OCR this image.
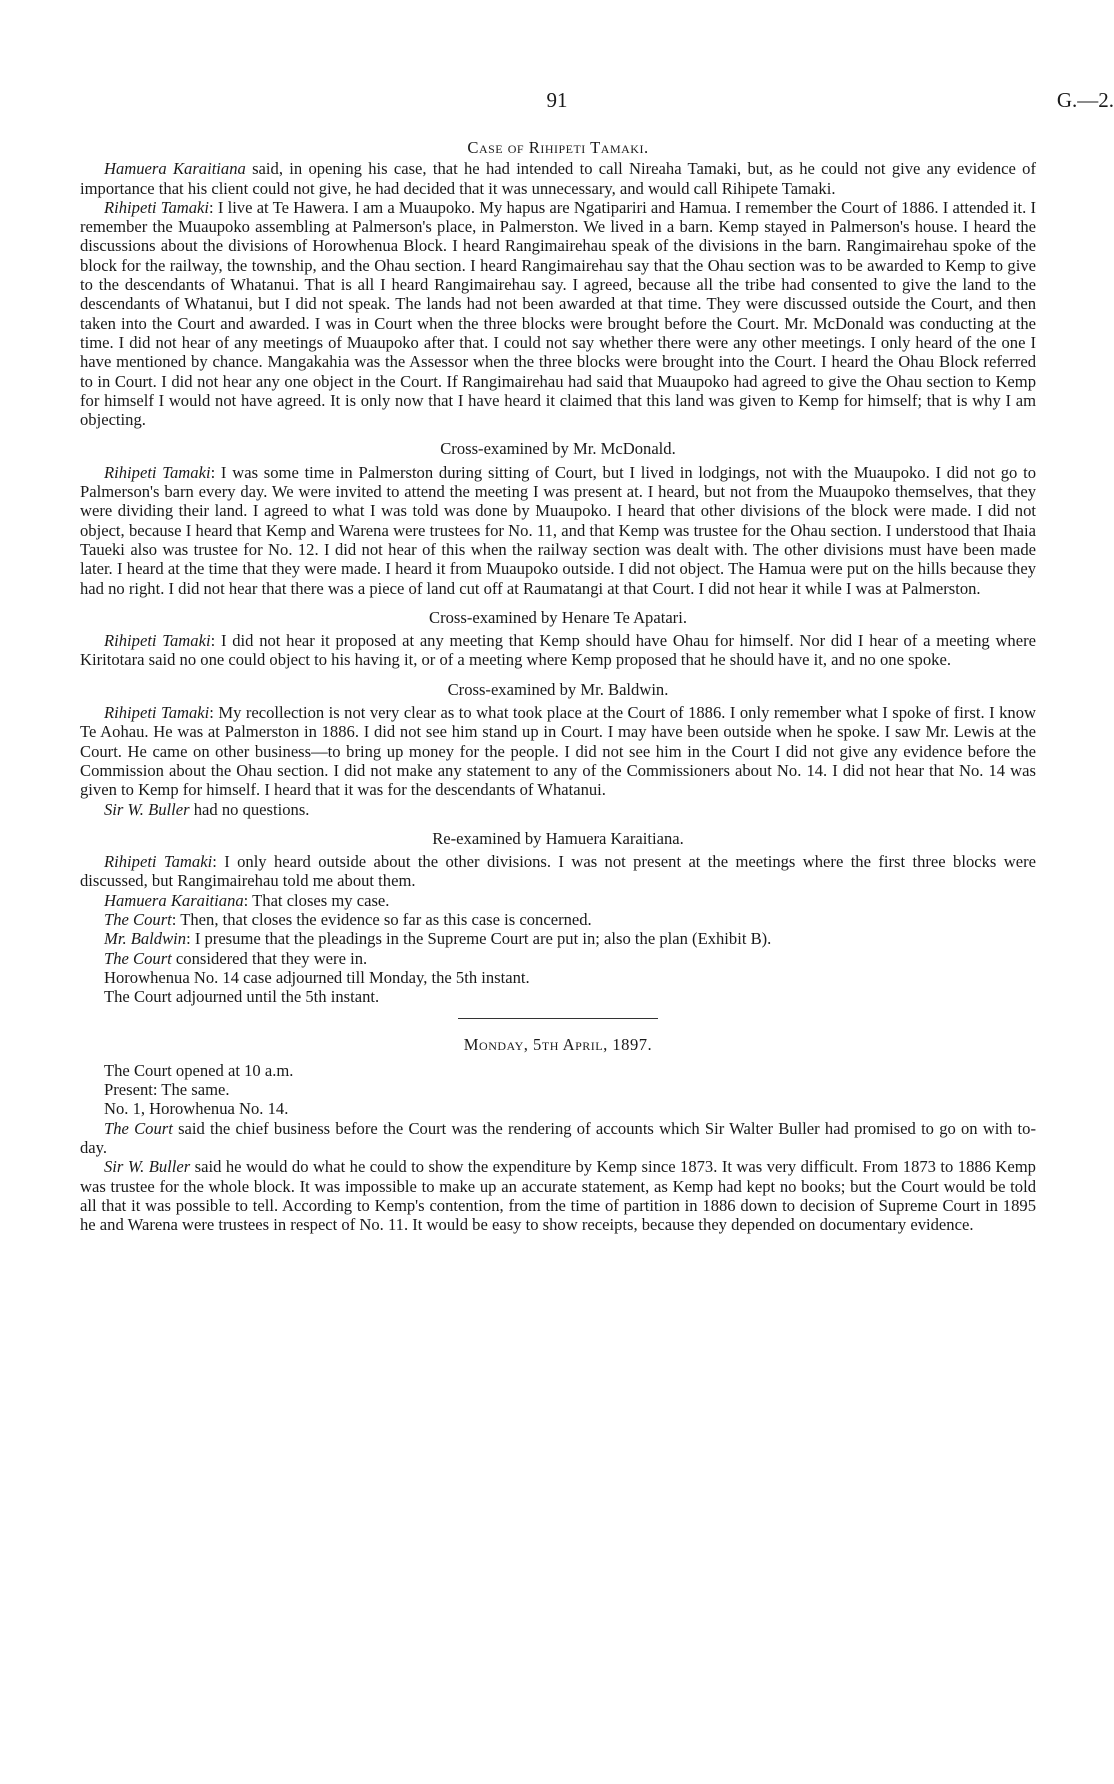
91	G.—2.
Case of Rihipeti Tamaki.

Hamuera Karaitiana said, in opening his case, that he had intended to call Nireaha Tamaki, but, as he could not give any evidence of importance that his client could not give, he had decided that it was unnecessary, and would call Rihipete Tamaki.

Rihipeti Tamaki: I live at Te Hawera. I am a Muaupoko. My hapus are Ngatipariri and Hamua. I remember the Court of 1886. I attended it. I remember the Muaupoko assembling at Palmerson's place, in Palmerston. We lived in a barn. Kemp stayed in Palmerson's house. I heard the discussions about the divisions of Horowhenua Block. I heard Rangimairehau speak of the divisions in the barn. Rangimairehau spoke of the block for the railway, the township, and the Ohau section. I heard Rangimairehau say that the Ohau section was to be awarded to Kemp to give to the descendants of Whatanui. That is all I heard Rangimairehau say. I agreed, because all the tribe had consented to give the land to the descendants of Whatanui, but I did not speak. The lands had not been awarded at that time. They were discussed outside the Court, and then taken into the Court and awarded. I was in Court when the three blocks were brought before the Court. Mr. McDonald was conducting at the time. I did not hear of any meetings of Muaupoko after that. I could not say whether there were any other meetings. I only heard of the one I have mentioned by chance. Mangakahia was the Assessor when the three blocks were brought into the Court. I heard the Ohau Block referred to in Court. I did not hear any one object in the Court. If Rangimairehau had said that Muaupoko had agreed to give the Ohau section to Kemp for himself I would not have agreed. It is only now that I have heard it claimed that this land was given to Kemp for himself; that is why I am objecting.

Cross-examined by Mr. McDonald.

Rihipeti Tamaki: I was some time in Palmerston during sitting of Court, but I lived in lodgings, not with the Muaupoko. I did not go to Palmerson's barn every day. We were invited to attend the meeting I was present at. I heard, but not from the Muaupoko themselves, that they were dividing their land. I agreed to what I was told was done by Muaupoko. I heard that other divisions of the block were made. I did not object, because I heard that Kemp and Warena were trustees for No. 11, and that Kemp was trustee for the Ohau section. I understood that Ihaia Taueki also was trustee for No. 12. I did not hear of this when the railway section was dealt with. The other divisions must have been made later. I heard at the time that they were made. I heard it from Muaupoko outside. I did not object. The Hamua were put on the hills because they had no right. I did not hear that there was a piece of land cut off at Raumatangi at that Court. I did not hear it while I was at Palmerston.

Cross-examined by Henare Te Apatari.

Rihipeti Tamaki: I did not hear it proposed at any meeting that Kemp should have Ohau for himself. Nor did I hear of a meeting where Kiritotara said no one could object to his having it, or of a meeting where Kemp proposed that he should have it, and no one spoke.

Cross-examined by Mr. Baldwin.

Rihipeti Tamaki: My recollection is not very clear as to what took place at the Court of 1886. I only remember what I spoke of first. I know Te Aohau. He was at Palmerston in 1886. I did not see him stand up in Court. I may have been outside when he spoke. I saw Mr. Lewis at the Court. He came on other business—to bring up money for the people. I did not see him in the Court I did not give any evidence before the Commission about the Ohau section. I did not make any statement to any of the Commissioners about No. 14. I did not hear that No. 14 was given to Kemp for himself. I heard that it was for the descendants of Whatanui.

Sir W. Buller had no questions.

Re-examined by Hamuera Karaitiana.

Rihipeti Tamaki: I only heard outside about the other divisions. I was not present at the meetings where the first three blocks were discussed, but Rangimairehau told me about them.

Hamuera Karaitiana: That closes my case.

The Court: Then, that closes the evidence so far as this case is concerned.

Mr. Baldwin: I presume that the pleadings in the Supreme Court are put in; also the plan (Exhibit B).

The Court considered that they were in.

Horowhenua No. 14 case adjourned till Monday, the 5th instant.

The Court adjourned until the 5th instant.

Monday, 5th April, 1897.

The Court opened at 10 a.m.

Present: The same.

No. 1, Horowhenua No. 14.

The Court said the chief business before the Court was the rendering of accounts which Sir Walter Buller had promised to go on with to-day.

Sir W. Buller said he would do what he could to show the expenditure by Kemp since 1873. It was very difficult. From 1873 to 1886 Kemp was trustee for the whole block. It was impossible to make up an accurate statement, as Kemp had kept no books; but the Court would be told all that it was possible to tell. According to Kemp's contention, from the time of partition in 1886 down to decision of Supreme Court in 1895 he and Warena were trustees in respect of No. 11. It would be easy to show receipts, because they depended on documentary evidence.
